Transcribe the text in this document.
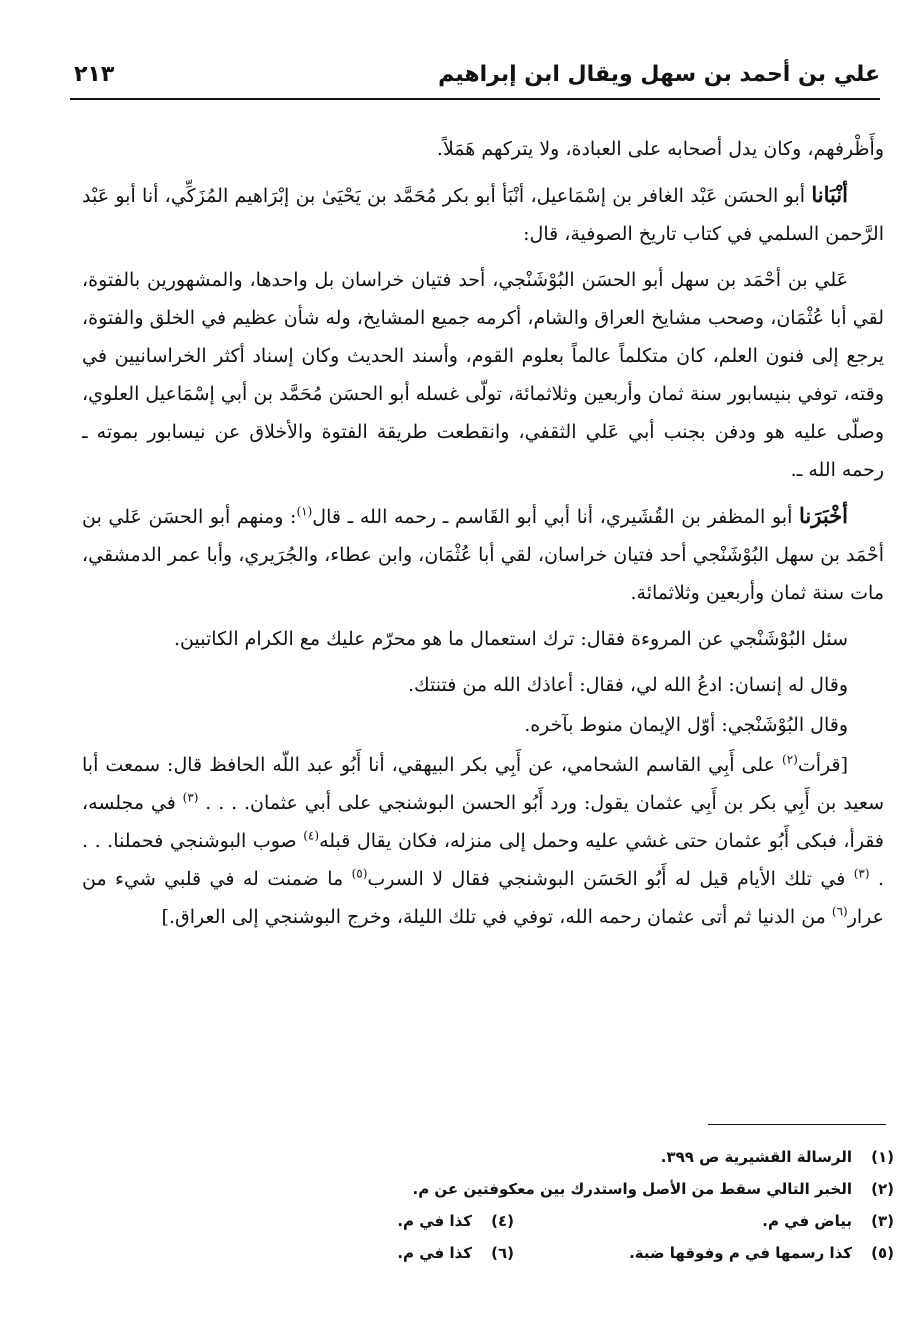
علي بن أحمد بن سهل ويقال ابن إبراهيم
٢١٣

وأَظْرفهم، وكان يدل أصحابه على العبادة، ولا يتركهم هَمَلاً.

أنْبَانا أبو الحسَن عَبْد الغافر بن إسْمَاعيل، أنْبَأ أبو بكر مُحَمَّد بن يَحْيَىٰ بن إبْرَاهيم المُزَكِّي، أنا أبو عَبْد الرَّحمن السلمي في كتاب تاريخ الصوفية، قال:

عَلي بن أحْمَد بن سهل أبو الحسَن البُوْشَنْجي، أحد فتيان خراسان بل واحدها، والمشهورين بالفتوة، لقي أبا عُثْمَان، وصحب مشايخ العراق والشام، أكرمه جميع المشايخ، وله شأن عظيم في الخلق والفتوة، يرجع إلى فنون العلم، كان متكلماً عالماً بعلوم القوم، وأسند الحديث وكان إسناد أكثر الخراسانيين في وقته، توفي بنيسابور سنة ثمان وأربعين وثلاثمائة، تولّى غسله أبو الحسَن مُحَمَّد بن أبي إسْمَاعيل العلوي، وصلّى عليه هو ودفن بجنب أبي عَلي الثقفي، وانقطعت طريقة الفتوة والأخلاق عن نيسابور بموته ـ رحمه الله ـ.

أخْبَرَنا أبو المظفر بن القُشَيري، أنا أبي أبو القَاسم ـ رحمه الله ـ قال$^{(١)}$: ومنهم أبو الحسَن عَلي بن أحْمَد بن سهل البُوْشَنْجي أحد فتيان خراسان، لقي أبا عُثْمَان، وابن عطاء، والجُرَيري، وأبا عمر الدمشقي، مات سنة ثمان وأربعين وثلاثمائة.

سئل البُوْشَنْجي عن المروءة فقال: ترك استعمال ما هو محرّم عليك مع الكرام الكاتبين.

وقال له إنسان: ادعُ الله لي، فقال: أعاذك الله من فتنتك.

وقال البُوْشَنْجي: أوّل الإيمان منوط بآخره.

[قرأت$^{(٢)}$ على أَبِي القاسم الشحامي، عن أَبِي بكر البيهقي، أنا أَبُو عبد اللّه الحافظ قال: سمعت أبا سعيد بن أَبِي بكر بن أَبِي عثمان يقول: ورد أَبُو الحسن البوشنجي على أبي عثمان. . . . $^{(٣)}$ في مجلسه، فقرأ، فبكى أَبُو عثمان حتى غشي عليه وحمل إلى منزله، فكان يقال قبله$^{(٤)}$ صوب البوشنجي فحملنا. . . . $^{(٣)}$ في تلك الأيام قيل له أَبُو الحَسَن البوشنجي فقال لا السرب$^{(٥)}$ ما ضمنت له في قلبي شيء من عرار$^{(٦)}$ من الدنيا ثم أتى عثمان رحمه الله، توفي في تلك الليلة، وخرج البوشنجي إلى العراق.]

(١)الرسالة القشيرية ص ٣٩٩.
(٢)الخبر التالي سقط من الأصل واستدرك بين معكوفتين عن م.
(٣)بياض في م.
(٤)كذا في م.
(٥)كذا رسمها في م وفوقها ضبة.
(٦)كذا في م.
